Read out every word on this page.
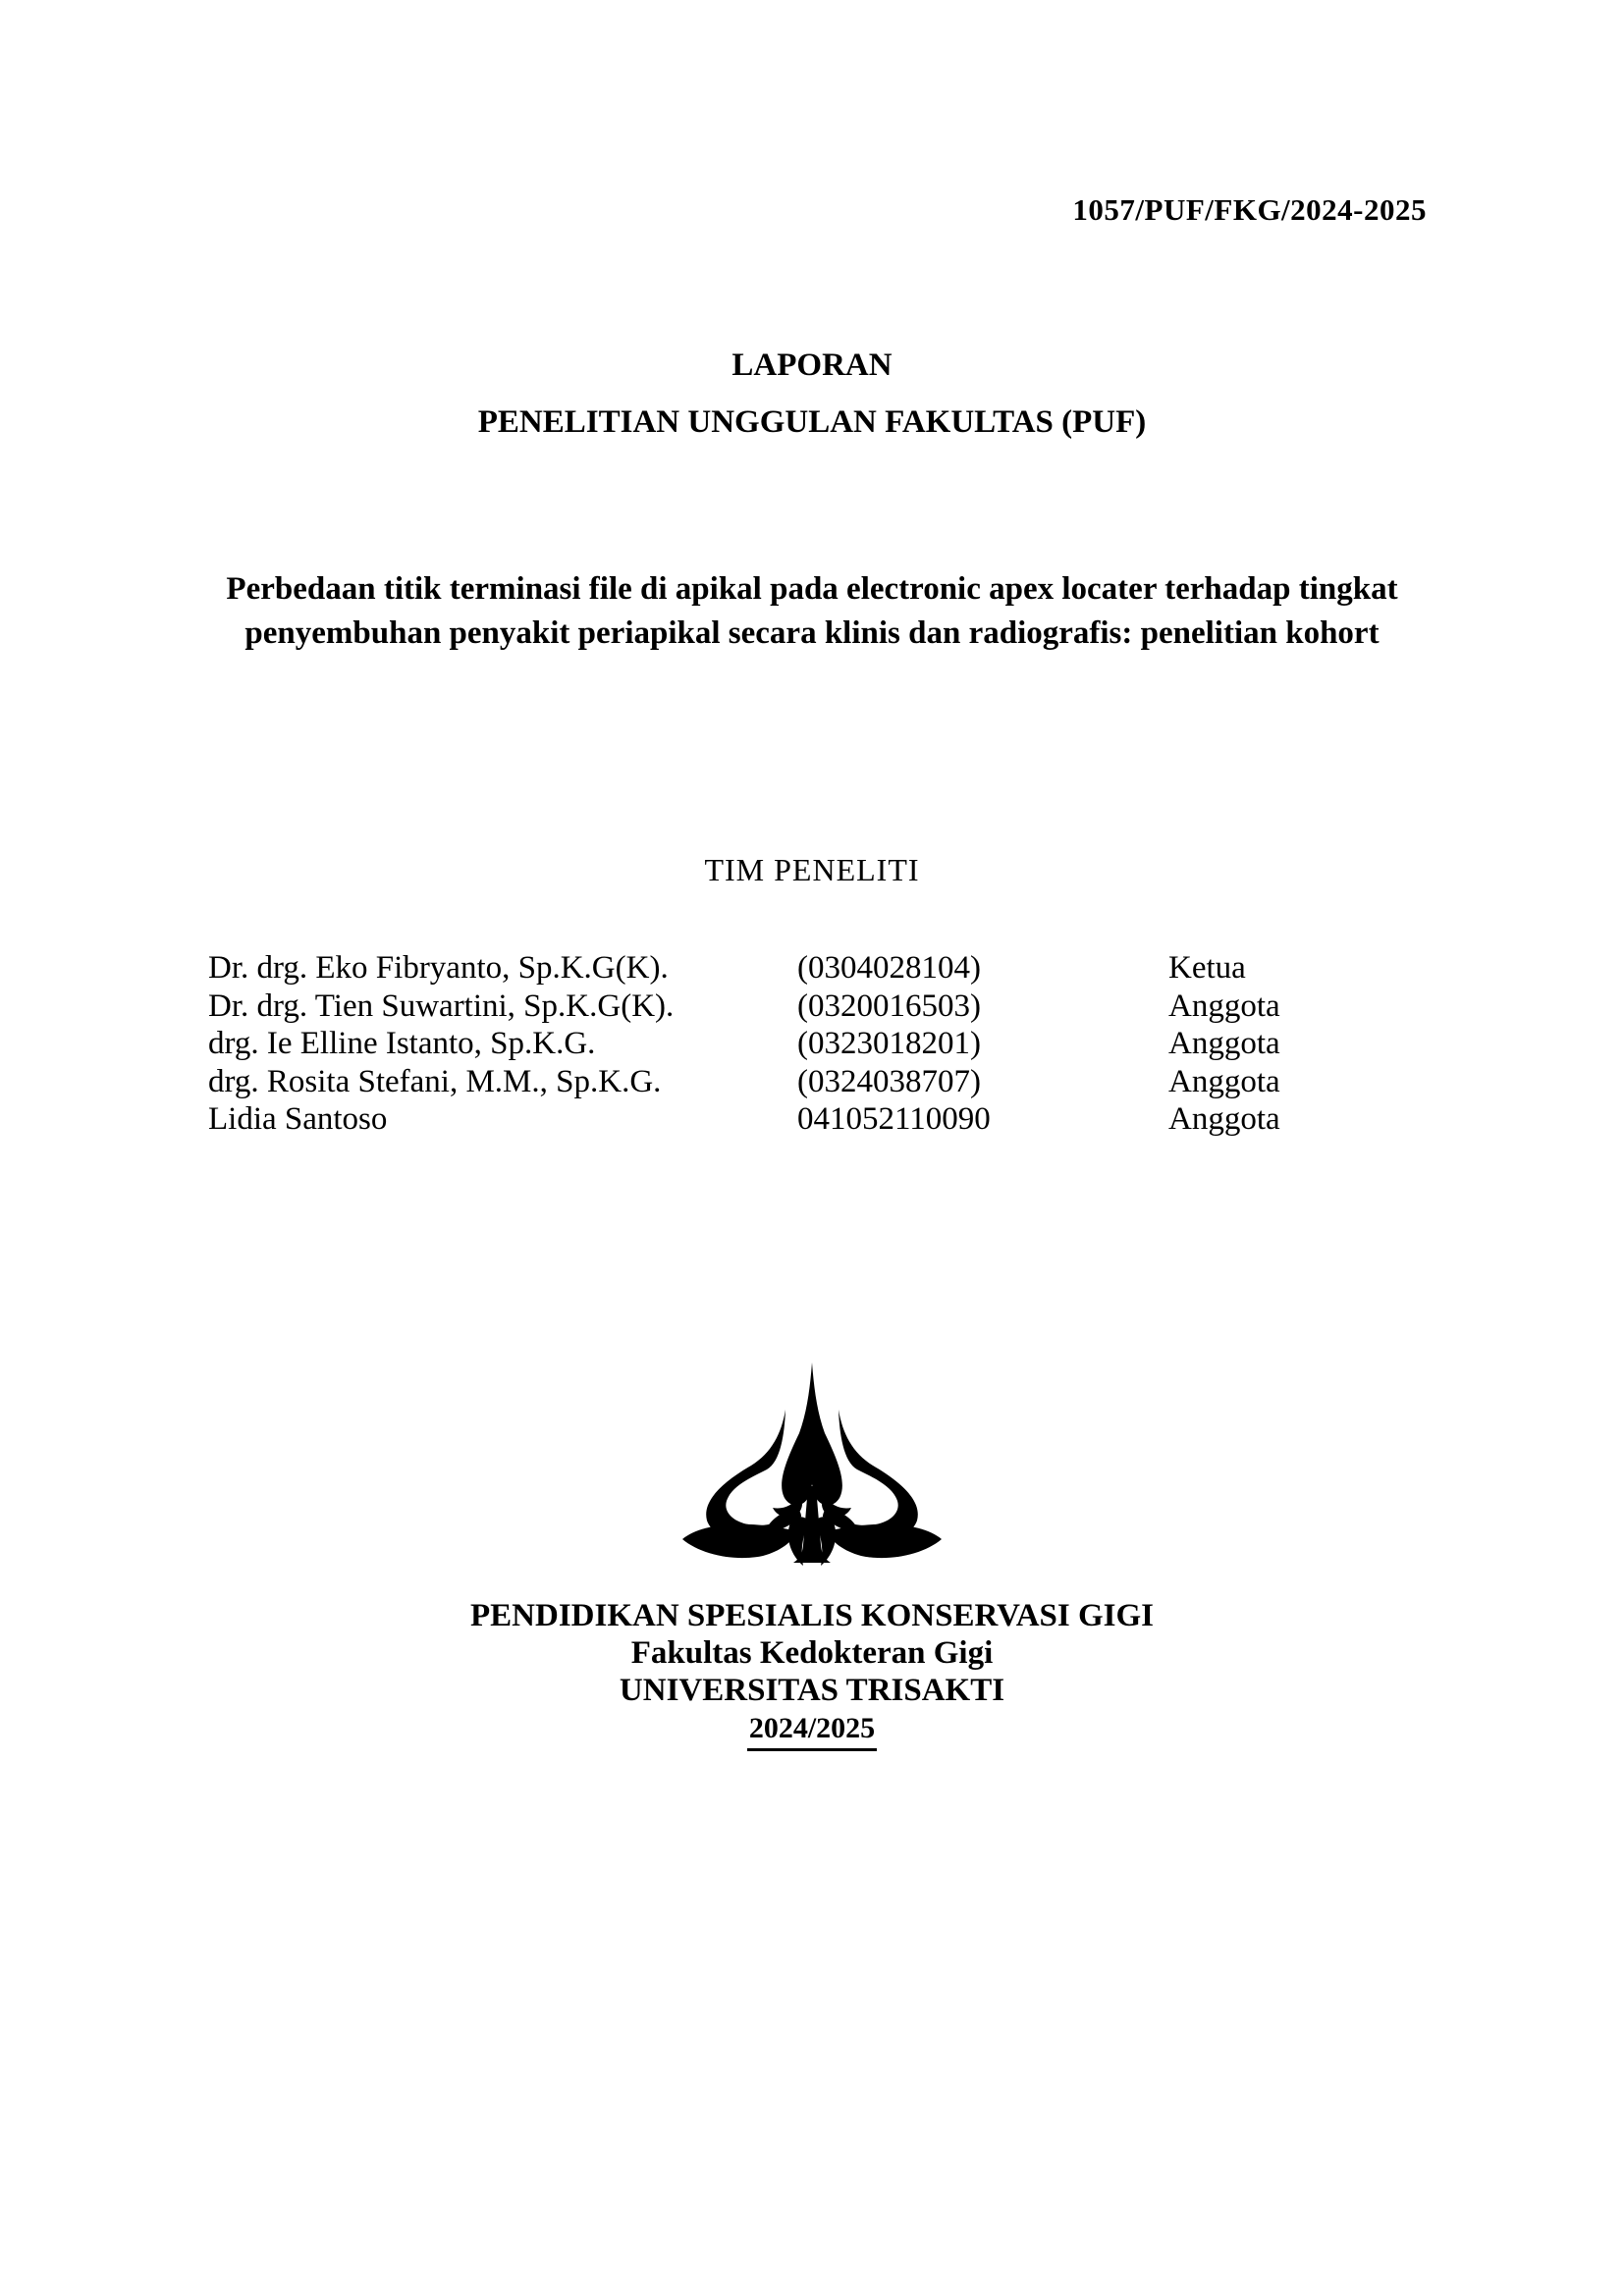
1057/PUF/FKG/2024-2025
LAPORAN
PENELITIAN UNGGULAN FAKULTAS (PUF)
Perbedaan titik terminasi file di apikal pada electronic apex locater terhadap tingkat
penyembuhan penyakit periapikal secara klinis dan radiografis: penelitian kohort
TIM PENELITI
Dr. drg. Eko Fibryanto, Sp.K.G(K).	(0304028104)	Ketua
Dr. drg. Tien Suwartini, Sp.K.G(K).	(0320016503)	Anggota
drg. Ie Elline Istanto, Sp.K.G.	(0323018201)	Anggota
drg. Rosita Stefani, M.M., Sp.K.G.	(0324038707)	Anggota
Lidia Santoso	041052110090	Anggota
PENDIDIKAN SPESIALIS KONSERVASI GIGI
Fakultas Kedokteran Gigi
UNIVERSITAS TRISAKTI
2024/2025
